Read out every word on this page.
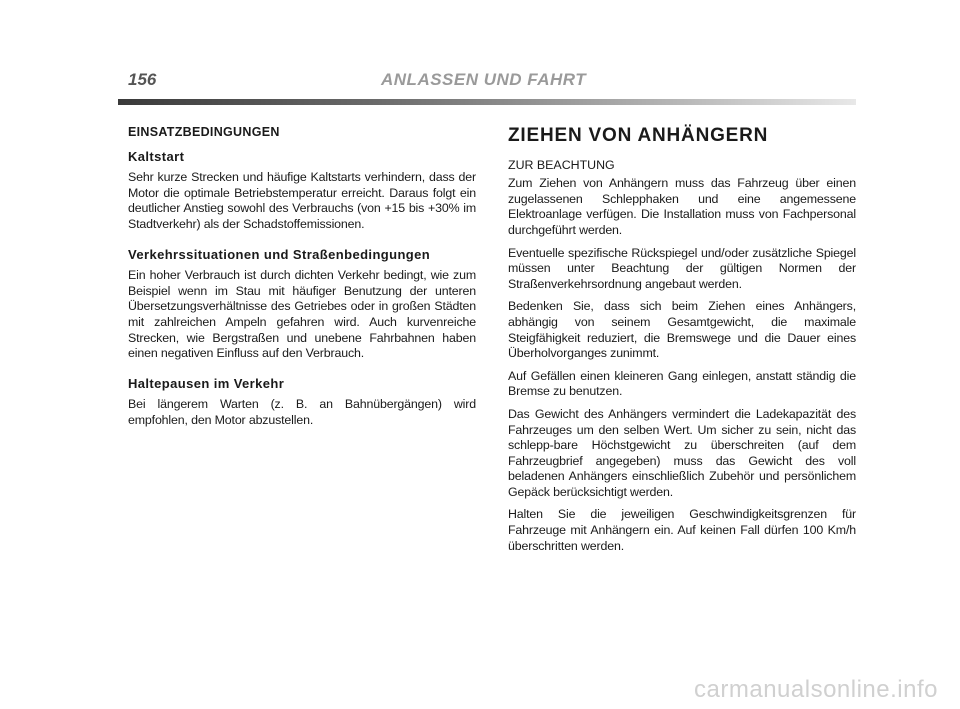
156	ANLASSEN UND FAHRT
EINSATZBEDINGUNGEN
Kaltstart

Sehr kurze Strecken und häufige Kaltstarts verhindern, dass der Motor die optimale Betriebstemperatur erreicht. Daraus folgt ein deutlicher Anstieg sowohl des Verbrauchs (von +15 bis +30% im Stadtverkehr) als der Schadstoffemissionen.

Verkehrssituationen und Straßenbedingungen

Ein hoher Verbrauch ist durch dichten Verkehr bedingt, wie zum Beispiel wenn im Stau mit häufiger Benutzung der unteren Übersetzungsverhältnisse des Getriebes oder in großen Städten mit zahlreichen Ampeln gefahren wird. Auch kurvenreiche Strecken, wie Bergstraßen und unebene Fahrbahnen haben einen negativen Einfluss auf den Verbrauch.

Haltepausen im Verkehr

Bei längerem Warten (z. B. an Bahnübergängen) wird empfohlen, den Motor abzustellen.

ZIEHEN VON ANHÄNGERN
ZUR BEACHTUNG

Zum Ziehen von Anhängern muss das Fahrzeug über einen zugelassenen Schlepphaken und eine angemessene Elektroanlage verfügen. Die Installation muss von Fachpersonal durchgeführt werden.

Eventuelle spezifische Rückspiegel und/oder zusätzliche Spiegel müssen unter Beachtung der gültigen Normen der Straßenverkehrsordnung angebaut werden.

Bedenken Sie, dass sich beim Ziehen eines Anhängers, abhängig von seinem Gesamtgewicht, die maximale Steigfähigkeit reduziert, die Bremswege und die Dauer eines Überholvorganges zunimmt.

Auf Gefällen einen kleineren Gang einlegen, anstatt ständig die Bremse zu benutzen.

Das Gewicht des Anhängers vermindert die Ladekapazität des Fahrzeuges um den selben Wert. Um sicher zu sein, nicht das schlepp-bare Höchstgewicht zu überschreiten (auf dem Fahrzeugbrief angegeben) muss das Gewicht des voll beladenen Anhängers einschließlich Zubehör und persönlichem Gepäck berücksichtigt werden.

Halten Sie die jeweiligen Geschwindigkeitsgrenzen für Fahrzeuge mit Anhängern ein. Auf keinen Fall dürfen 100 Km/h überschritten werden.

carmanualsonline.info
